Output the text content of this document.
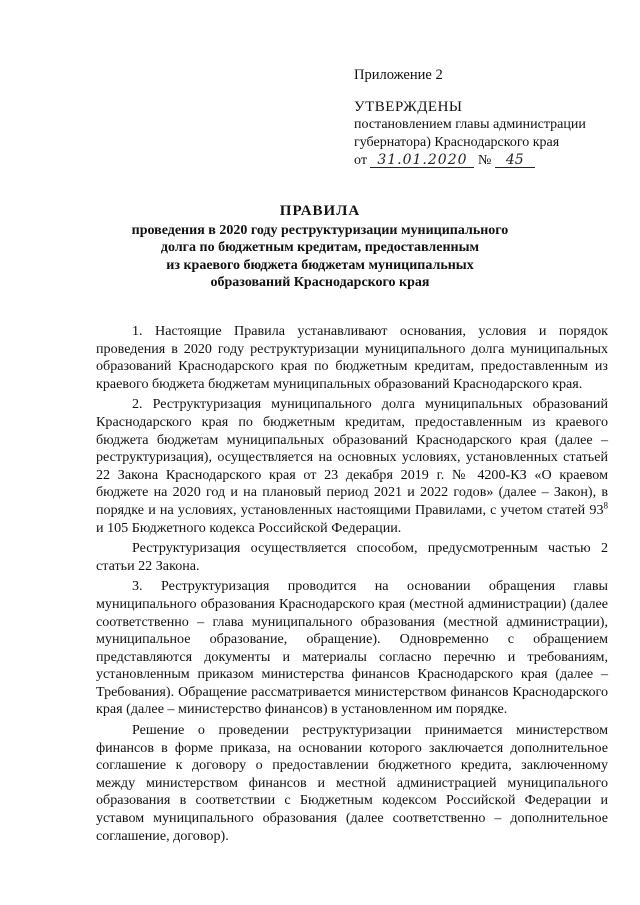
Приложение 2

УТВЕРЖДЕНЫ

постановлением главы администрации

губернатора) Краснодарского края

от 31.01.2020 № 45

ПРАВИЛА
проведения в 2020 году реструктуризации муниципального
долга по бюджетным кредитам, предоставленным
из краевого бюджета бюджетам муниципальных
образований Краснодарского края

1. Настоящие Правила устанавливают основания, условия и порядок проведения в 2020 году реструктуризации муниципального долга муниципальных образований Краснодарского края по бюджетным кредитам, предоставленным из краевого бюджета бюджетам муниципальных образований Краснодарского края.

2. Реструктуризация муниципального долга муниципальных образований Краснодарского края по бюджетным кредитам, предоставленным из краевого бюджета бюджетам муниципальных образований Краснодарского края (далее – реструктуризация), осуществляется на основных условиях, установленных статьей 22 Закона Краснодарского края от 23 декабря 2019 г. № 4200-КЗ «О краевом бюджете на 2020 год и на плановый период 2021 и 2022 годов» (далее – Закон), в порядке и на условиях, установленных настоящими Правилами, с учетом статей $93^8$ и 105 Бюджетного кодекса Российской Федерации.

Реструктуризация осуществляется способом, предусмотренным частью 2 статьи 22 Закона.

3. Реструктуризация проводится на основании обращения главы муниципального образования Краснодарского края (местной администрации) (далее соответственно – глава муниципального образования (местной администрации), муниципальное образование, обращение). Одновременно с обращением представляются документы и материалы согласно перечню и требованиям, установленным приказом министерства финансов Краснодарского края (далее – Требования). Обращение рассматривается министерством финансов Краснодарского края (далее – министерство финансов) в установленном им порядке.

Решение о проведении реструктуризации принимается министерством финансов в форме приказа, на основании которого заключается дополнительное соглашение к договору о предоставлении бюджетного кредита, заключенному между министерством финансов и местной администрацией муниципального образования в соответствии с Бюджетным кодексом Российской Федерации и уставом муниципального образования (далее соответственно – дополнительное соглашение, договор).
